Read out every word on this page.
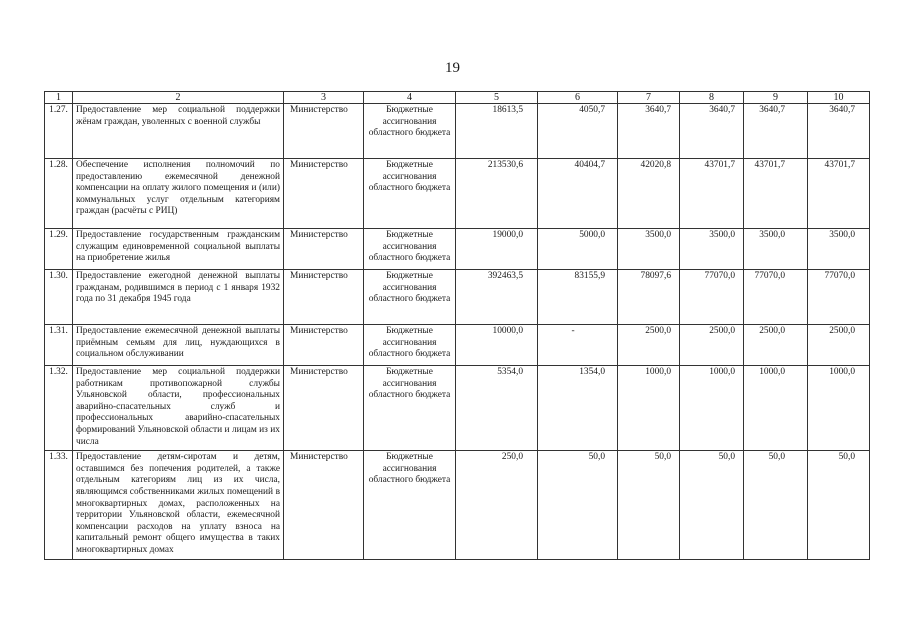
19
1	2	3	4	5	6	7	8	9	10
1.27.	Предоставление мер социальной поддержки жёнам граждан, уволенных с военной службы	Министерство	Бюджетные ассигнования областного бюджета	18613,5	4050,7	3640,7	3640,7	3640,7	3640,7
1.28.	Обеспечение исполнения полномочий по предоставлению ежемесячной денежной компенсации на оплату жилого помещения и (или) коммунальных услуг отдельным категориям граждан (расчёты с РИЦ)	Министерство	Бюджетные ассигнования областного бюджета	213530,6	40404,7	42020,8	43701,7	43701,7	43701,7
1.29.	Предоставление государственным гражданским служащим единовременной социальной выплаты на приобретение жилья	Министерство	Бюджетные ассигнования областного бюджета	19000,0	5000,0	3500,0	3500,0	3500,0	3500,0
1.30.	Предоставление ежегодной денежной выплаты гражданам, родившимся в период с 1 января 1932 года по 31 декабря 1945 года	Министерство	Бюджетные ассигнования областного бюджета	392463,5	83155,9	78097,6	77070,0	77070,0	77070,0
1.31.	Предоставление ежемесячной денежной выплаты приёмным семьям для лиц, нуждающихся в социальном обслуживании	Министерство	Бюджетные ассигнования областного бюджета	10000,0	-	2500,0	2500,0	2500,0	2500,0
1.32.	Предоставление мер социальной поддержки работникам противопожарной службы Ульяновской области, профессиональных аварийно-спасательных служб и профессиональных аварийно-спасательных формирований Ульяновской области и лицам из их числа	Министерство	Бюджетные ассигнования областного бюджета	5354,0	1354,0	1000,0	1000,0	1000,0	1000,0
1.33.	Предоставление детям-сиротам и детям, оставшимся без попечения родителей, а также отдельным категориям лиц из их числа, являющимся собственниками жилых помещений в многоквартирных домах, расположенных на территории Ульяновской области, ежемесячной компенсации расходов на уплату взноса на капитальный ремонт общего имущества в таких многоквартирных домах	Министерство	Бюджетные ассигнования областного бюджета	250,0	50,0	50,0	50,0	50,0	50,0
